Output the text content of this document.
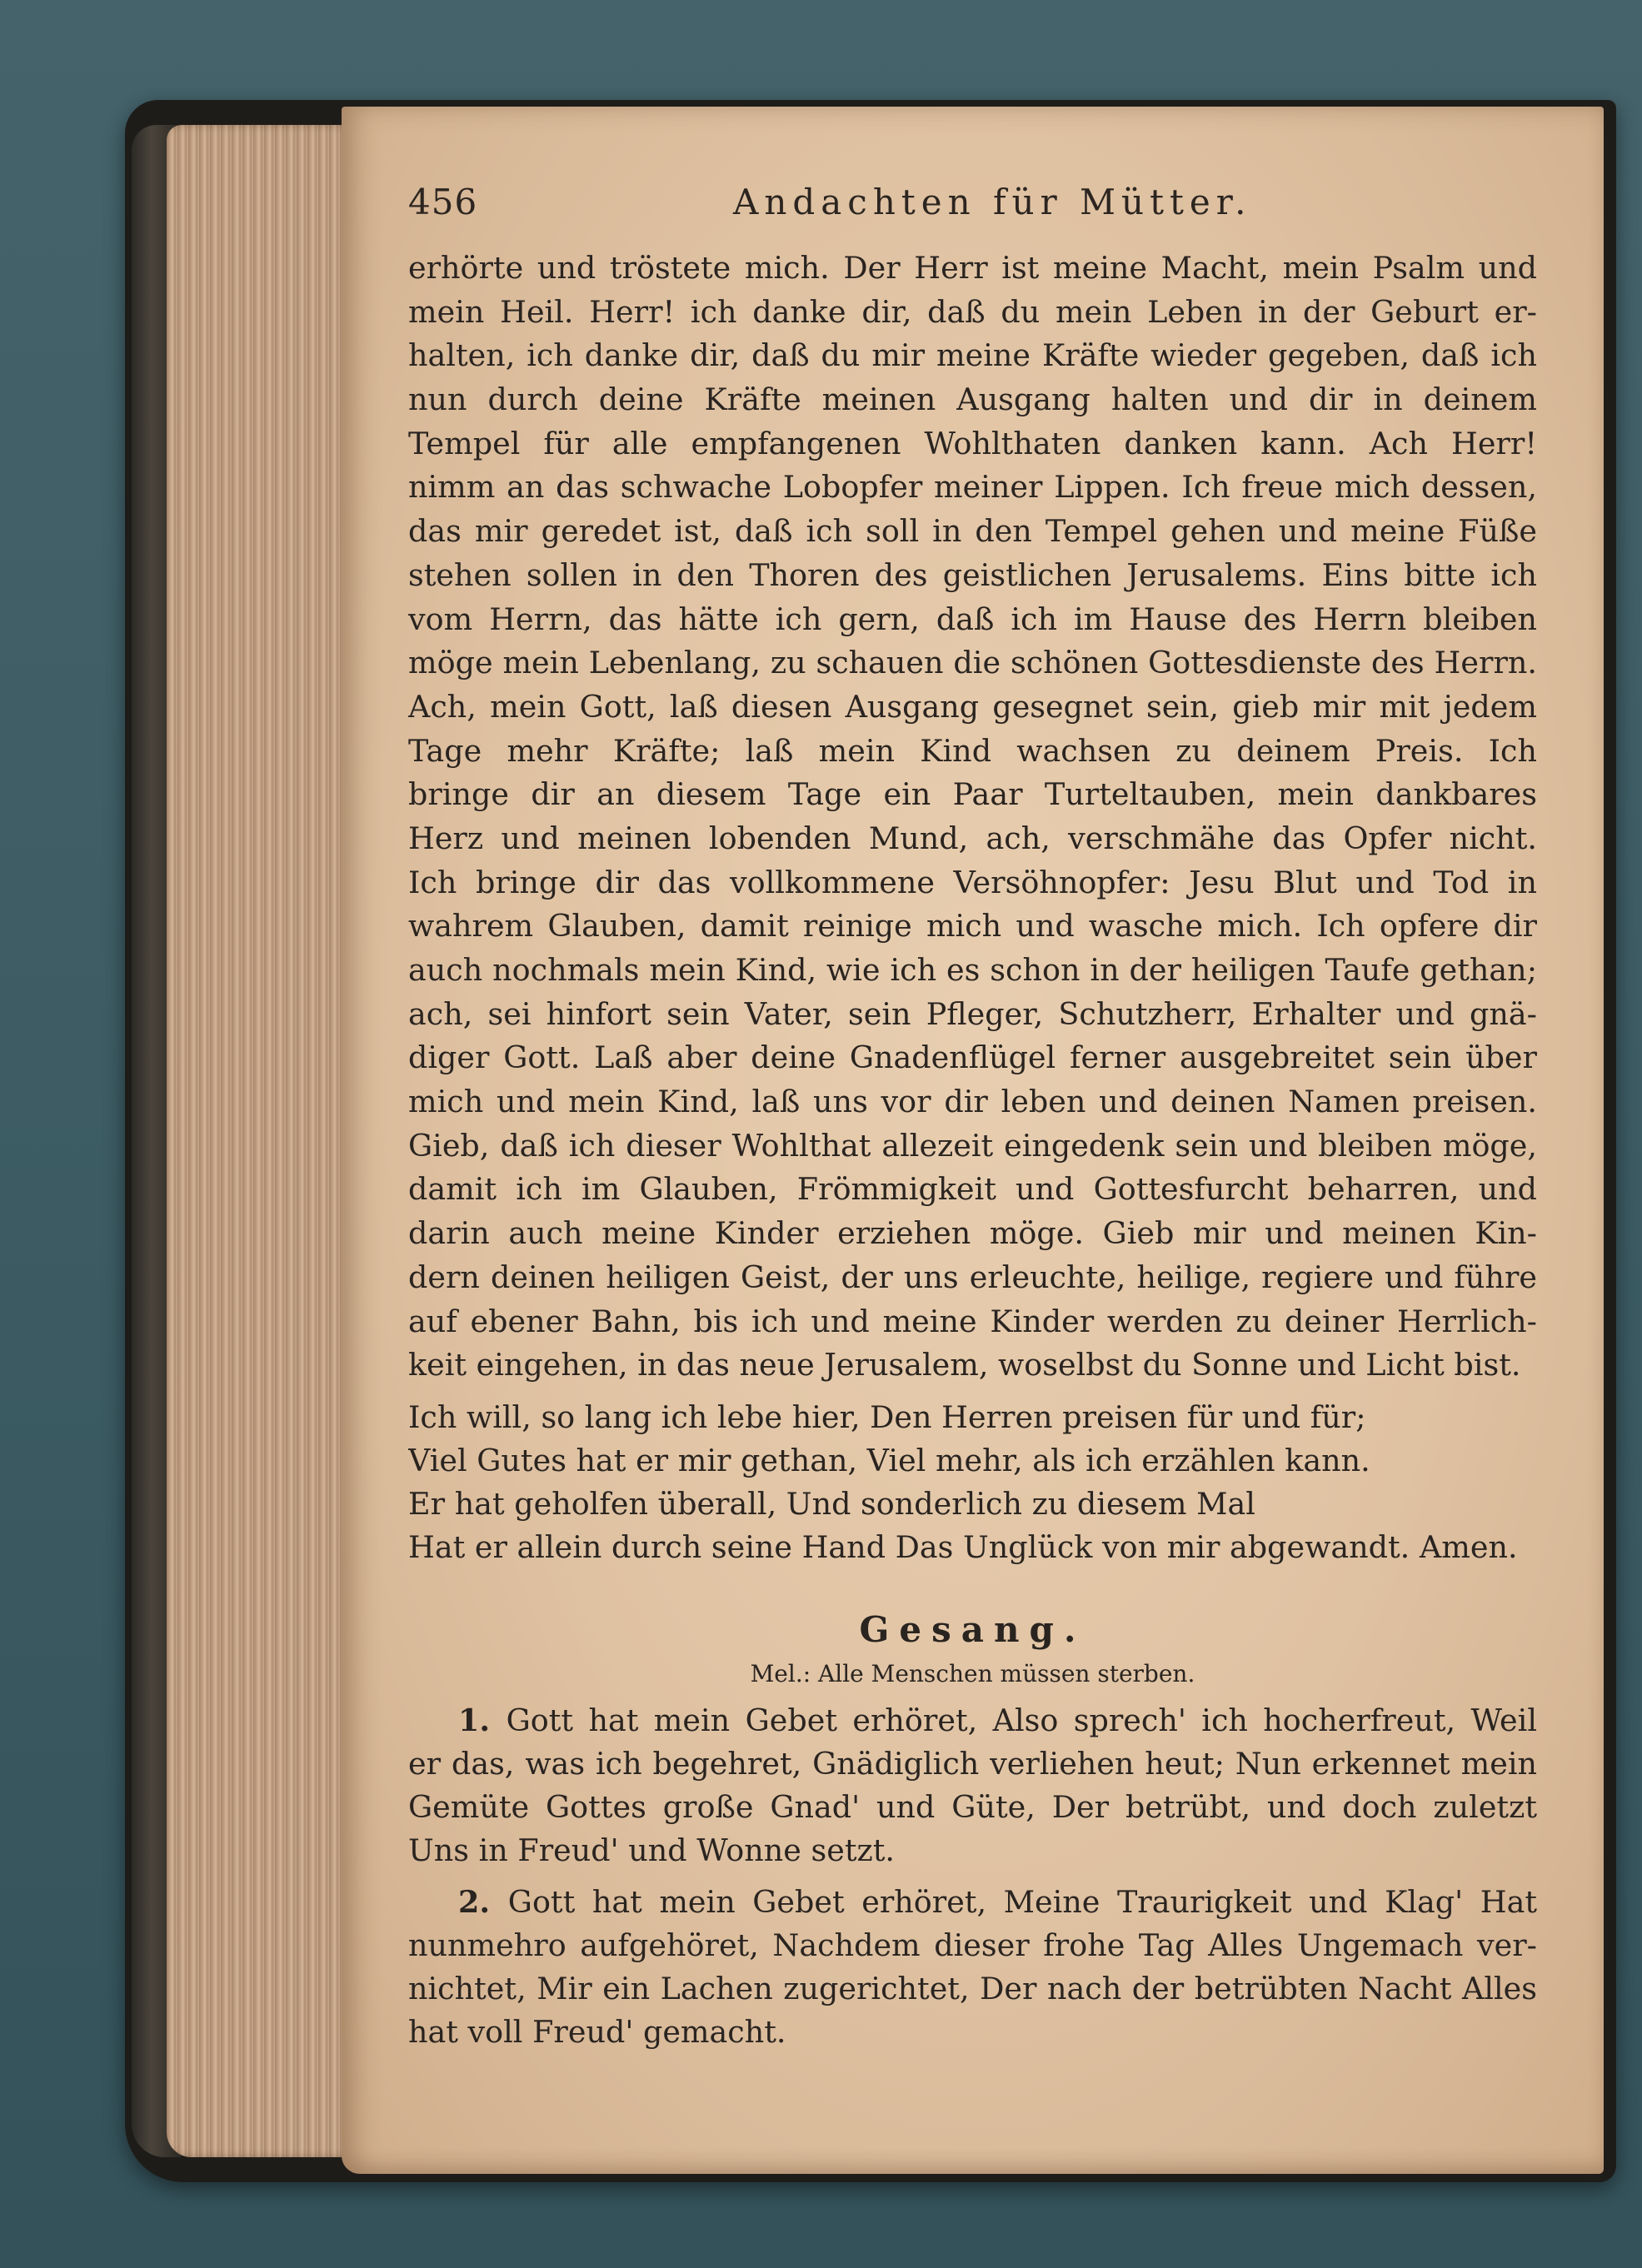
456	Andachten für Mütter.
erhörte und tröstete mich. Der Herr ist meine Macht, mein Psalm und
mein Heil. Herr! ich danke dir, daß du mein Leben in der Geburt er-
halten, ich danke dir, daß du mir meine Kräfte wieder gegeben, daß ich
nun durch deine Kräfte meinen Ausgang halten und dir in deinem
Tempel für alle empfangenen Wohlthaten danken kann. Ach Herr!
nimm an das schwache Lobopfer meiner Lippen. Ich freue mich dessen,
das mir geredet ist, daß ich soll in den Tempel gehen und meine Füße
stehen sollen in den Thoren des geistlichen Jerusalems. Eins bitte ich
vom Herrn, das hätte ich gern, daß ich im Hause des Herrn bleiben
möge mein Lebenlang, zu schauen die schönen Gottesdienste des Herrn.
Ach, mein Gott, laß diesen Ausgang gesegnet sein, gieb mir mit jedem
Tage mehr Kräfte; laß mein Kind wachsen zu deinem Preis. Ich
bringe dir an diesem Tage ein Paar Turteltauben, mein dankbares
Herz und meinen lobenden Mund, ach, verschmähe das Opfer nicht.
Ich bringe dir das vollkommene Versöhnopfer: Jesu Blut und Tod in
wahrem Glauben, damit reinige mich und wasche mich. Ich opfere dir
auch nochmals mein Kind, wie ich es schon in der heiligen Taufe gethan;
ach, sei hinfort sein Vater, sein Pfleger, Schutzherr, Erhalter und gnä-
diger Gott. Laß aber deine Gnadenflügel ferner ausgebreitet sein über
mich und mein Kind, laß uns vor dir leben und deinen Namen preisen.
Gieb, daß ich dieser Wohlthat allezeit eingedenk sein und bleiben möge,
damit ich im Glauben, Frömmigkeit und Gottesfurcht beharren, und
darin auch meine Kinder erziehen möge. Gieb mir und meinen Kin-
dern deinen heiligen Geist, der uns erleuchte, heilige, regiere und führe
auf ebener Bahn, bis ich und meine Kinder werden zu deiner Herrlich-
keit eingehen, in das neue Jerusalem, woselbst du Sonne und Licht bist.
Ich will, so lang ich lebe hier, Den Herren preisen für und für;
Viel Gutes hat er mir gethan, Viel mehr, als ich erzählen kann.
Er hat geholfen überall, Und sonderlich zu diesem Mal
Hat er allein durch seine Hand Das Unglück von mir abgewandt. Amen.
Gesang.
Mel.: Alle Menschen müssen sterben.
1. Gott hat mein Gebet erhöret, Also sprech' ich hocherfreut, Weil
er das, was ich begehret, Gnädiglich verliehen heut; Nun erkennet mein
Gemüte Gottes große Gnad' und Güte, Der betrübt, und doch zuletzt
Uns in Freud' und Wonne setzt.
2. Gott hat mein Gebet erhöret, Meine Traurigkeit und Klag' Hat
nunmehro aufgehöret, Nachdem dieser frohe Tag Alles Ungemach ver-
nichtet, Mir ein Lachen zugerichtet, Der nach der betrübten Nacht Alles
hat voll Freud' gemacht.
